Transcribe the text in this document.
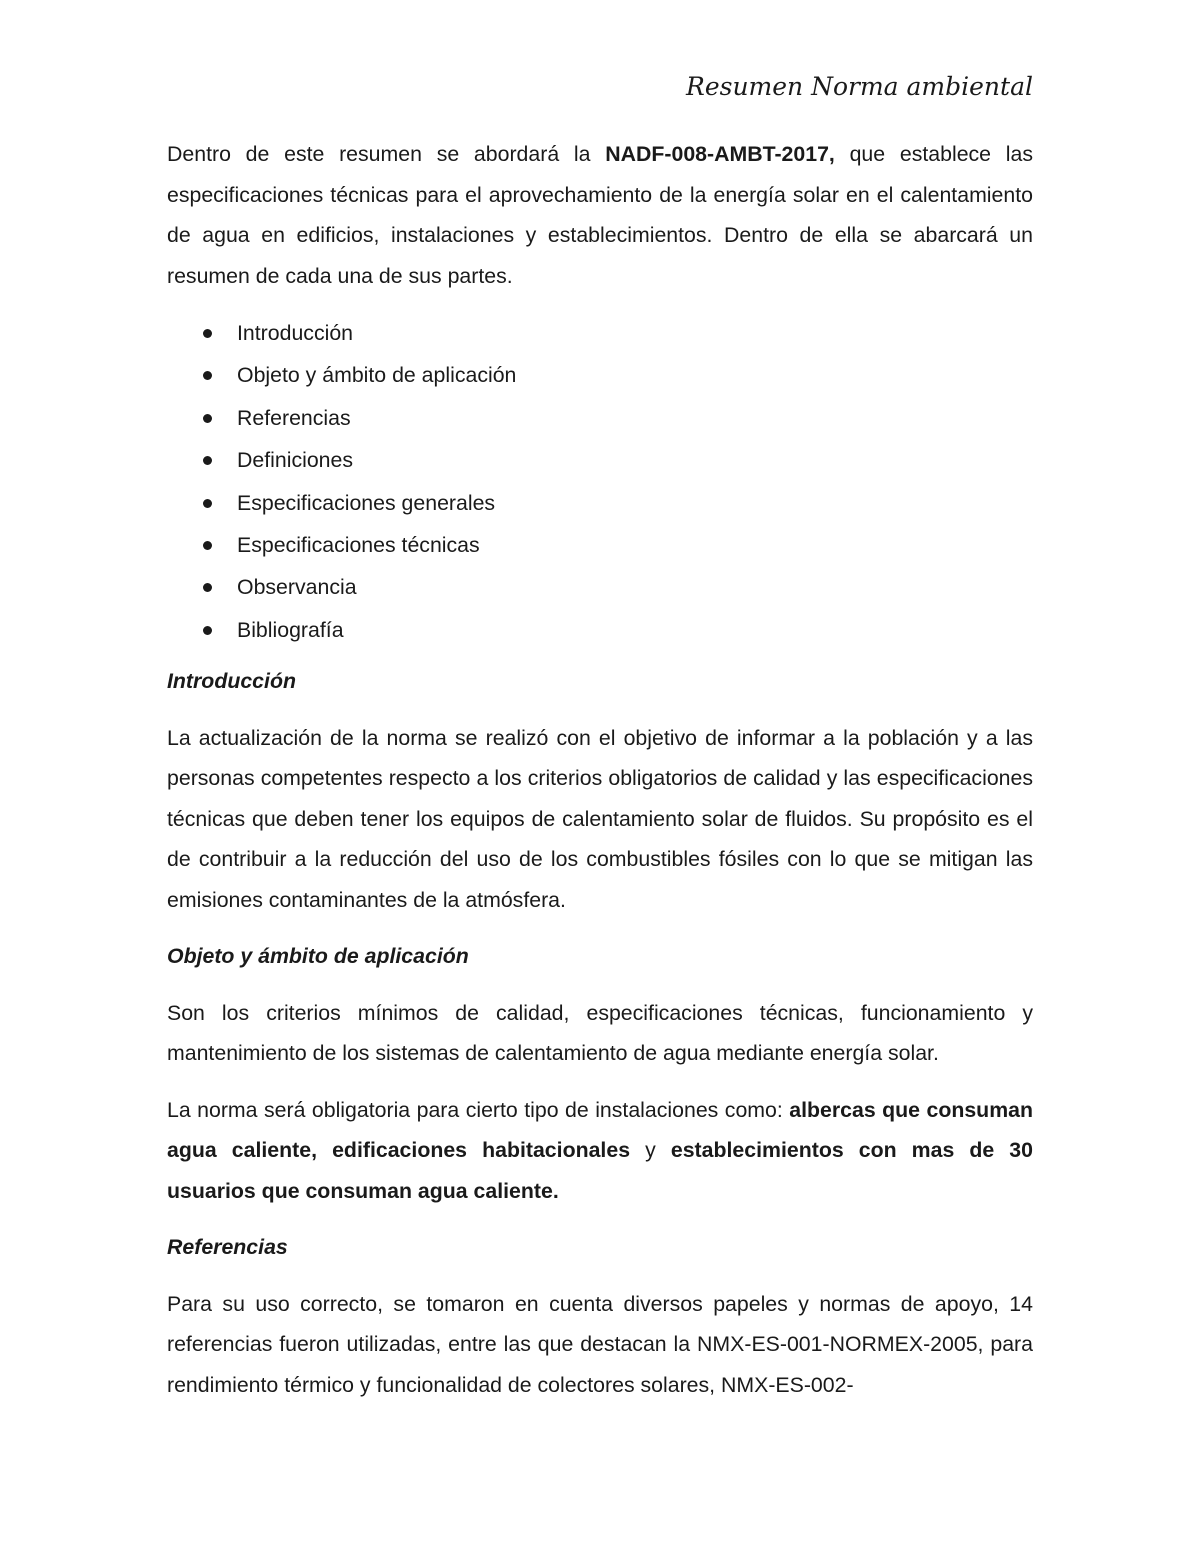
Resumen Norma ambiental

Dentro de este resumen se abordará la NADF-008-AMBT-2017, que establece las especificaciones técnicas para el aprovechamiento de la energía solar en el calentamiento de agua en edificios, instalaciones y establecimientos. Dentro de ella se abarcará un resumen de cada una de sus partes.

Introducción
Objeto y ámbito de aplicación
Referencias
Definiciones
Especificaciones generales
Especificaciones técnicas
Observancia
Bibliografía
Introducción

La actualización de la norma se realizó con el objetivo de informar a la población y a las personas competentes respecto a los criterios obligatorios de calidad y las especificaciones técnicas que deben tener los equipos de calentamiento solar de fluidos. Su propósito es el de contribuir a la reducción del uso de los combustibles fósiles con lo que se mitigan las emisiones contaminantes de la atmósfera.

Objeto y ámbito de aplicación

Son los criterios mínimos de calidad, especificaciones técnicas, funcionamiento y mantenimiento de los sistemas de calentamiento de agua mediante energía solar.

La norma será obligatoria para cierto tipo de instalaciones como: albercas que consuman agua caliente, edificaciones habitacionales y establecimientos con mas de 30 usuarios que consuman agua caliente.

Referencias

Para su uso correcto, se tomaron en cuenta diversos papeles y normas de apoyo, 14 referencias fueron utilizadas, entre las que destacan la NMX-ES-001-NORMEX-2005, para rendimiento térmico y funcionalidad de colectores solares, NMX-ES-002-
